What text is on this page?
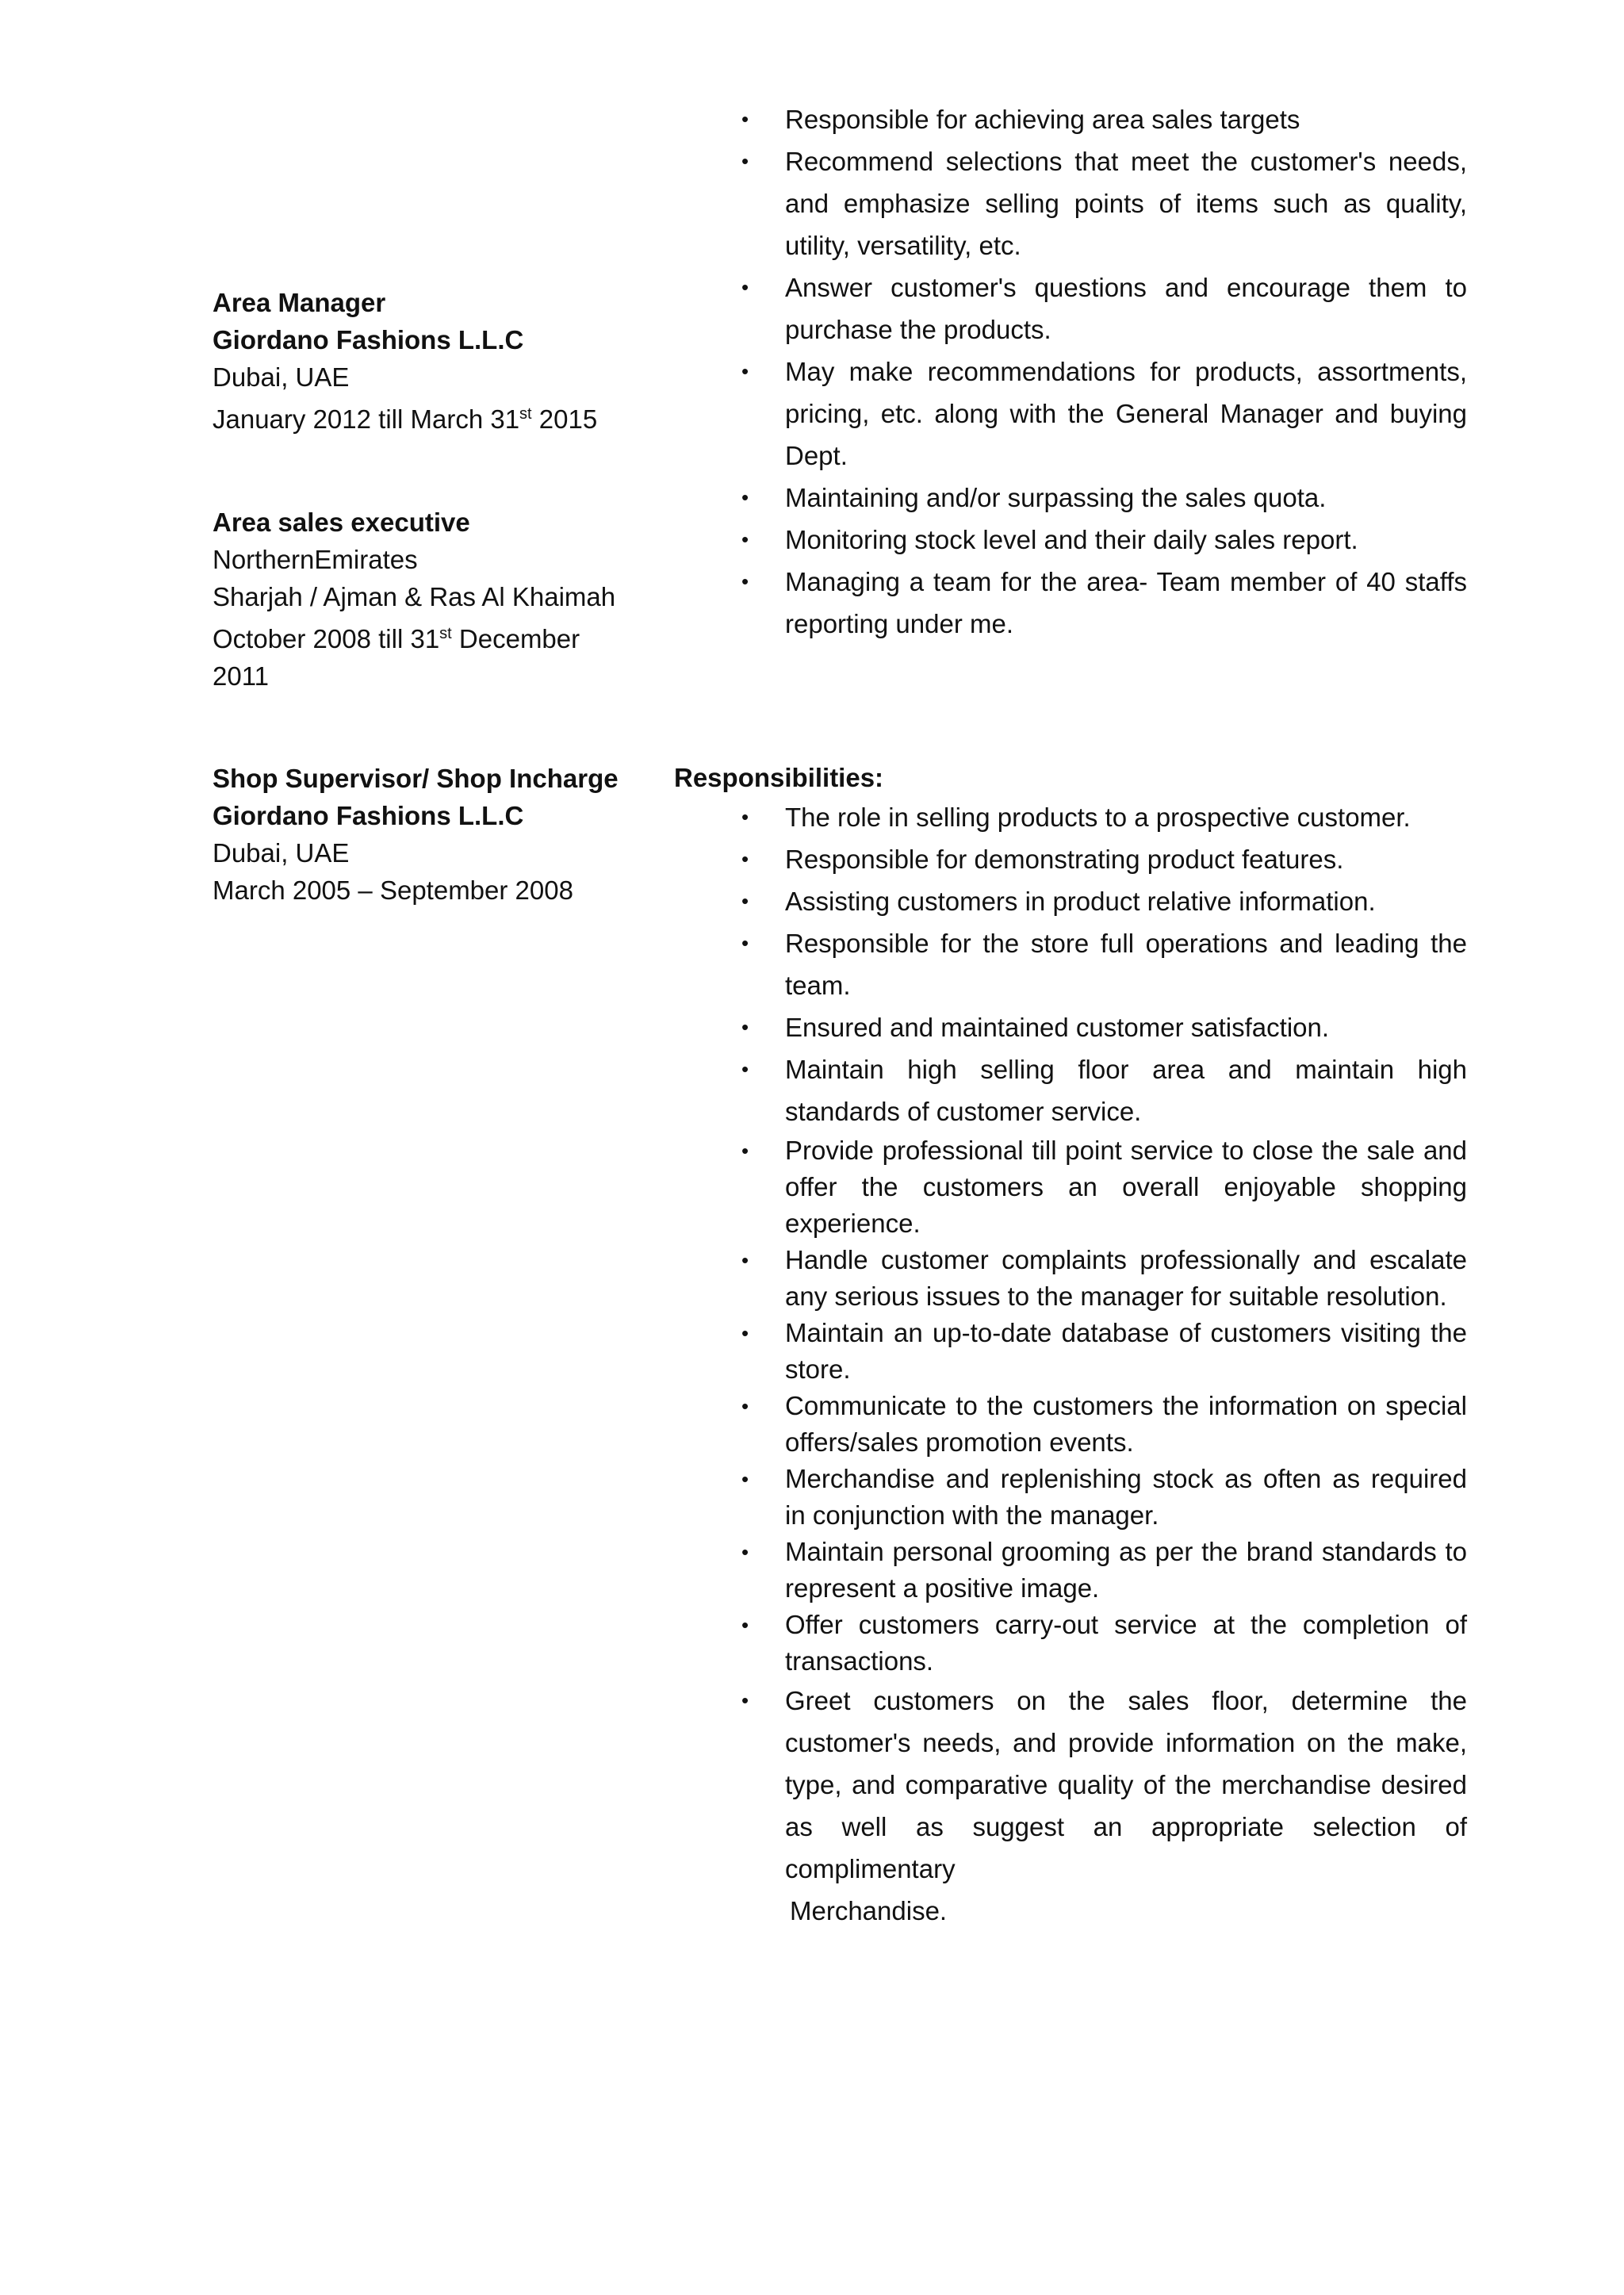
Area Manager
Giordano Fashions L.L.C
Dubai, UAE
January 2012 till March 31st 2015
Area sales executive
NorthernEmirates
Sharjah / Ajman & Ras Al Khaimah
October 2008 till 31st December 2011
• Responsible for achieving area sales targets
• Recommend selections that meet the customer's needs, and emphasize selling points of items such as quality, utility, versatility, etc.
• Answer customer's questions and encourage them to purchase the products.
• May make recommendations for products, assortments, pricing, etc. along with the General Manager and buying Dept.
• Maintaining and/or surpassing the sales quota.
• Monitoring stock level and their daily sales report.
• Managing a team for the area- Team member of 40 staffs reporting under me.
Shop Supervisor/ Shop Incharge
Giordano Fashions L.L.C
Dubai, UAE
March 2005 – September 2008
Responsibilities:
• The role in selling products to a prospective customer.
• Responsible for demonstrating product features.
• Assisting customers in product relative information.
• Responsible for the store full operations and leading the team.
• Ensured and maintained customer satisfaction.
• Maintain high selling floor area and maintain high standards of customer service.
• Provide professional till point service to close the sale and offer the customers an overall enjoyable shopping experience.
• Handle customer complaints professionally and escalate any serious issues to the manager for suitable resolution.
• Maintain an up-to-date database of customers visiting the store.
• Communicate to the customers the information on special offers/sales promotion events.
• Merchandise and replenishing stock as often as required in conjunction with the manager.
• Maintain personal grooming as per the brand standards to represent a positive image.
• Offer customers carry-out service at the completion of transactions.
• Greet customers on the sales floor, determine the customer's needs, and provide information on the make, type, and comparative quality of the merchandise desired as well as suggest an appropriate selection of complimentary
Merchandise.
